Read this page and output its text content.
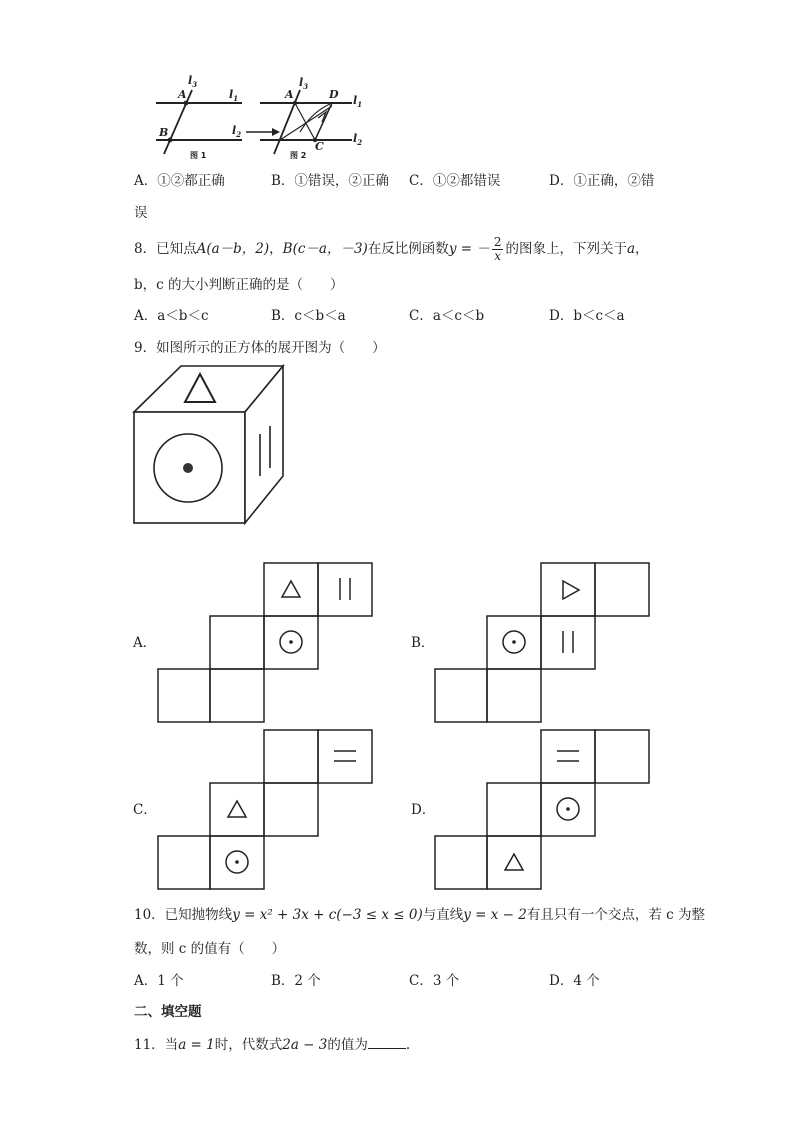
A
B
$l_3$
$l_1$
$l_2$
图 1
A	D
C
$l_3$
$l_1$
$l_2$
图 2
A．①②都正确	B．①错误，②正确 C．①②都错误	D．①正确，②错
误
8．已知点A(a－b，2)，B(c－a，－3)在反比例函数y = － $\frac{2}{x}$ 的图象上，下列关于a，
b，c 的大小判断正确的是（　　）
A．a＜b＜c	B．c＜b＜a	C．a＜c＜b	D．b＜c＜a
9．如图所示的正方体的展开图为（　　）
A．	B．
C．	D．
10．已知抛物线y = x² + 3x + c(−3 ≤ x ≤ 0)与直线y = x − 2有且只有一个交点，若 c 为整
数，则 c 的值有（　　）
A．1 个	B．2 个	C．3 个	D．4 个
二、填空题
11．当a = 1时，代数式2a − 3的值为	.
